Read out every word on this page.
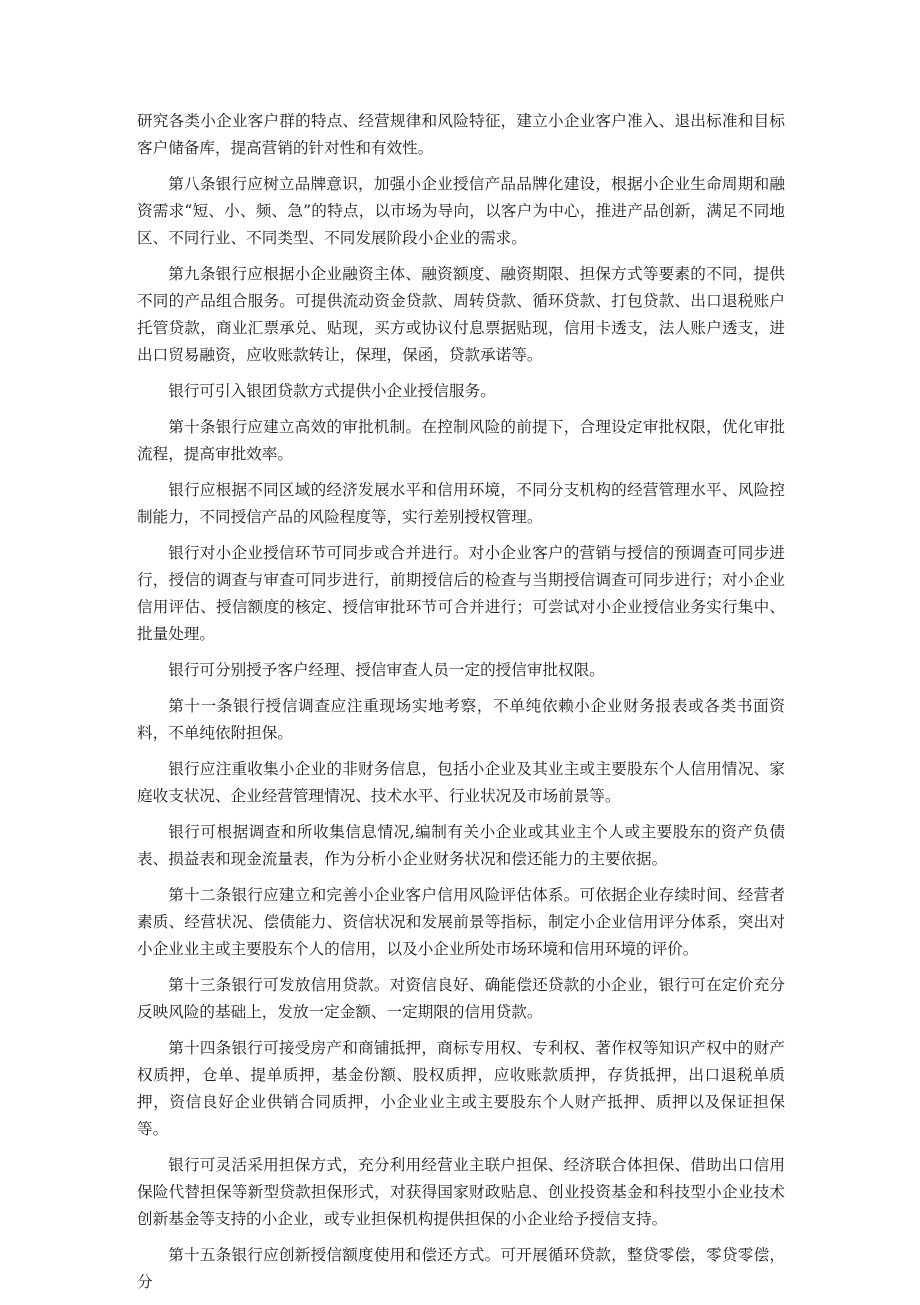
研究各类小企业客户群的特点、经营规律和风险特征，建立小企业客户准入、退出标准和目标客户储备库，提高营销的针对性和有效性。

第八条银行应树立品牌意识，加强小企业授信产品品牌化建设，根据小企业生命周期和融资需求“短、小、频、急”的特点，以市场为导向，以客户为中心，推进产品创新，满足不同地区、不同行业、不同类型、不同发展阶段小企业的需求。

第九条银行应根据小企业融资主体、融资额度、融资期限、担保方式等要素的不同，提供不同的产品组合服务。可提供流动资金贷款、周转贷款、循环贷款、打包贷款、出口退税账户托管贷款，商业汇票承兑、贴现，买方或协议付息票据贴现，信用卡透支，法人账户透支，进出口贸易融资，应收账款转让，保理，保函，贷款承诺等。

银行可引入银团贷款方式提供小企业授信服务。

第十条银行应建立高效的审批机制。在控制风险的前提下，合理设定审批权限，优化审批流程，提高审批效率。

银行应根据不同区域的经济发展水平和信用环境，不同分支机构的经营管理水平、风险控制能力，不同授信产品的风险程度等，实行差别授权管理。

银行对小企业授信环节可同步或合并进行。对小企业客户的营销与授信的预调查可同步进行，授信的调查与审查可同步进行，前期授信后的检查与当期授信调查可同步进行；对小企业信用评估、授信额度的核定、授信审批环节可合并进行；可尝试对小企业授信业务实行集中、批量处理。

银行可分别授予客户经理、授信审查人员一定的授信审批权限。

第十一条银行授信调查应注重现场实地考察，不单纯依赖小企业财务报表或各类书面资料，不单纯依附担保。

银行应注重收集小企业的非财务信息，包括小企业及其业主或主要股东个人信用情况、家庭收支状况、企业经营管理情况、技术水平、行业状况及市场前景等。

银行可根据调查和所收集信息情况,编制有关小企业或其业主个人或主要股东的资产负债表、损益表和现金流量表，作为分析小企业财务状况和偿还能力的主要依据。

第十二条银行应建立和完善小企业客户信用风险评估体系。可依据企业存续时间、经营者素质、经营状况、偿债能力、资信状况和发展前景等指标，制定小企业信用评分体系，突出对小企业业主或主要股东个人的信用，以及小企业所处市场环境和信用环境的评价。

第十三条银行可发放信用贷款。对资信良好、确能偿还贷款的小企业，银行可在定价充分反映风险的基础上，发放一定金额、一定期限的信用贷款。

第十四条银行可接受房产和商铺抵押，商标专用权、专利权、著作权等知识产权中的财产权质押，仓单、提单质押，基金份额、股权质押，应收账款质押，存货抵押，出口退税单质押，资信良好企业供销合同质押，小企业业主或主要股东个人财产抵押、质押以及保证担保等。

银行可灵活采用担保方式，充分利用经营业主联户担保、经济联合体担保、借助出口信用保险代替担保等新型贷款担保形式，对获得国家财政贴息、创业投资基金和科技型小企业技术创新基金等支持的小企业，或专业担保机构提供担保的小企业给予授信支持。

第十五条银行应创新授信额度使用和偿还方式。可开展循环贷款，整贷零偿，零贷零偿，分
